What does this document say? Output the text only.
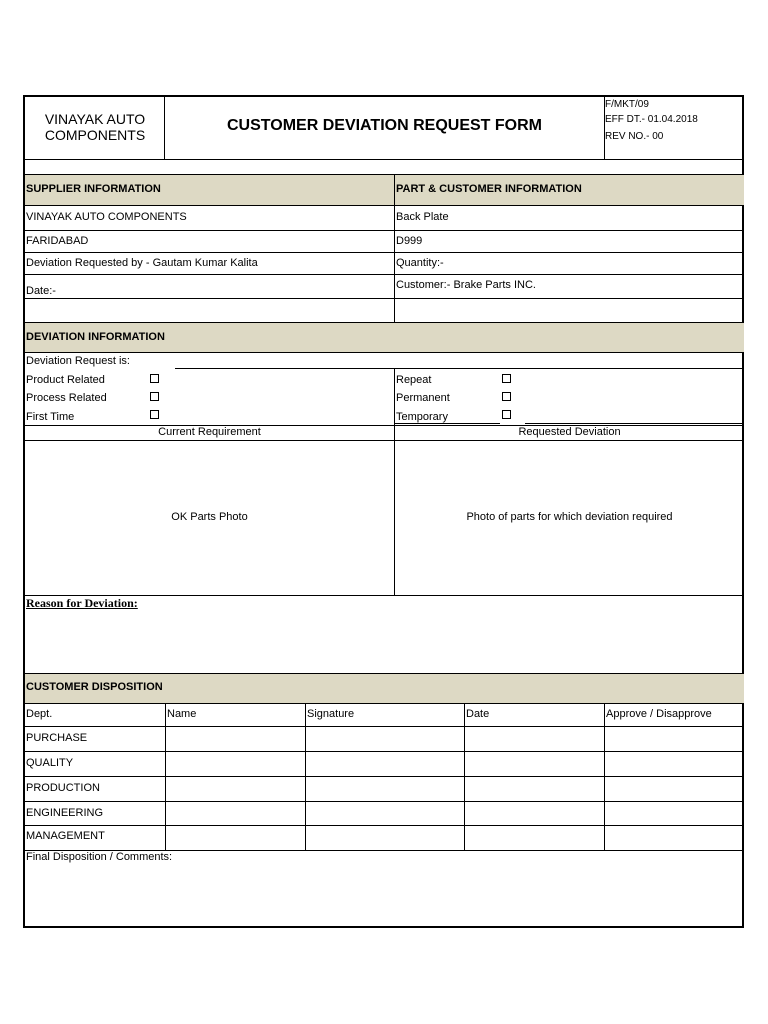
VINAYAK AUTO COMPONENTS
CUSTOMER DEVIATION REQUEST FORM
F/MKT/09
EFF DT.- 01.04.2018
REV NO.- 00
SUPPLIER INFORMATION	PART & CUSTOMER INFORMATION
VINAYAK AUTO COMPONENTS	Back Plate
FARIDABAD	D999
Deviation Requested by - Gautam Kumar Kalita	Quantity:-
Date:-	Customer:- Brake Parts INC.
DEVIATION INFORMATION
Deviation Request is:
Product Related
Process Related
First Time
Repeat
Permanent
Temporary
Current Requirement	Requested Deviation
OK Parts Photo	Photo of parts for which deviation required
Reason for Deviation:
CUSTOMER DISPOSITION
Dept.	Name	Signature	Date	Approve / Disapprove
PURCHASE
QUALITY
PRODUCTION
ENGINEERING
MANAGEMENT
Final Disposition / Comments:
